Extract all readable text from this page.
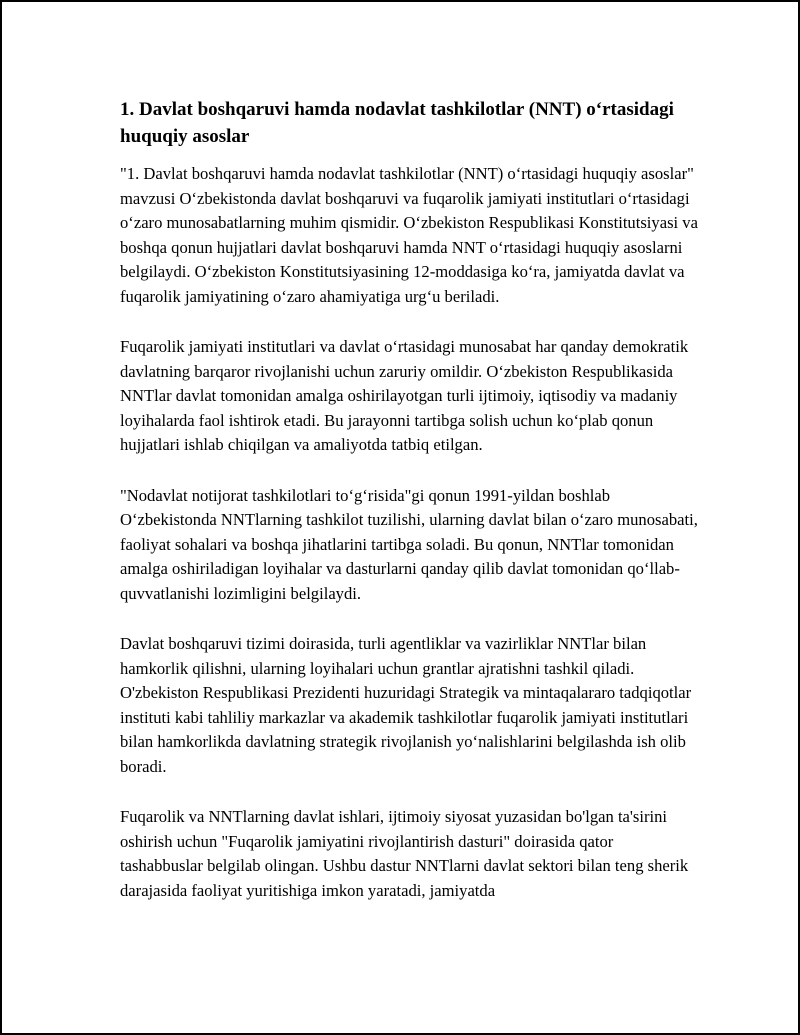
1. Davlat boshqaruvi hamda nodavlat tashkilotlar (NNT) o‘rtasidagi huquqiy asoslar

"1. Davlat boshqaruvi hamda nodavlat tashkilotlar (NNT) o‘rtasidagi huquqiy asoslar" mavzusi O‘zbekistonda davlat boshqaruvi va fuqarolik jamiyati institutlari o‘rtasidagi o‘zaro munosabatlarning muhim qismidir. O‘zbekiston Respublikasi Konstitutsiyasi va boshqa qonun hujjatlari davlat boshqaruvi hamda NNT o‘rtasidagi huquqiy asoslarni belgilaydi. O‘zbekiston Konstitutsiyasining 12-moddasiga ko‘ra, jamiyatda davlat va fuqarolik jamiyatining o‘zaro ahamiyatiga urg‘u beriladi.

Fuqarolik jamiyati institutlari va davlat o‘rtasidagi munosabat har qanday demokratik davlatning barqaror rivojlanishi uchun zaruriy omildir. O‘zbekiston Respublikasida NNTlar davlat tomonidan amalga oshirilayotgan turli ijtimoiy, iqtisodiy va madaniy loyihalarda faol ishtirok etadi. Bu jarayonni tartibga solish uchun ko‘plab qonun hujjatlari ishlab chiqilgan va amaliyotda tatbiq etilgan.

"Nodavlat notijorat tashkilotlari to‘g‘risida"gi qonun 1991-yildan boshlab O‘zbekistonda NNTlarning tashkilot tuzilishi, ularning davlat bilan o‘zaro munosabati, faoliyat sohalari va boshqa jihatlarini tartibga soladi. Bu qonun, NNTlar tomonidan amalga oshiriladigan loyihalar va dasturlarni qanday qilib davlat tomonidan qo‘llab-quvvatlanishi lozimligini belgilaydi.

Davlat boshqaruvi tizimi doirasida, turli agentliklar va vazirliklar NNTlar bilan hamkorlik qilishni, ularning loyihalari uchun grantlar ajratishni tashkil qiladi. O'zbekiston Respublikasi Prezidenti huzuridagi Strategik va mintaqalararo tadqiqotlar instituti kabi tahliliy markazlar va akademik tashkilotlar fuqarolik jamiyati institutlari bilan hamkorlikda davlatning strategik rivojlanish yo‘nalishlarini belgilashda ish olib boradi.

Fuqarolik va NNTlarning davlat ishlari, ijtimoiy siyosat yuzasidan bo'lgan ta'sirini oshirish uchun "Fuqarolik jamiyatini rivojlantirish dasturi" doirasida qator tashabbuslar belgilab olingan. Ushbu dastur NNTlarni davlat sektori bilan teng sherik darajasida faoliyat yuritishiga imkon yaratadi, jamiyatda
